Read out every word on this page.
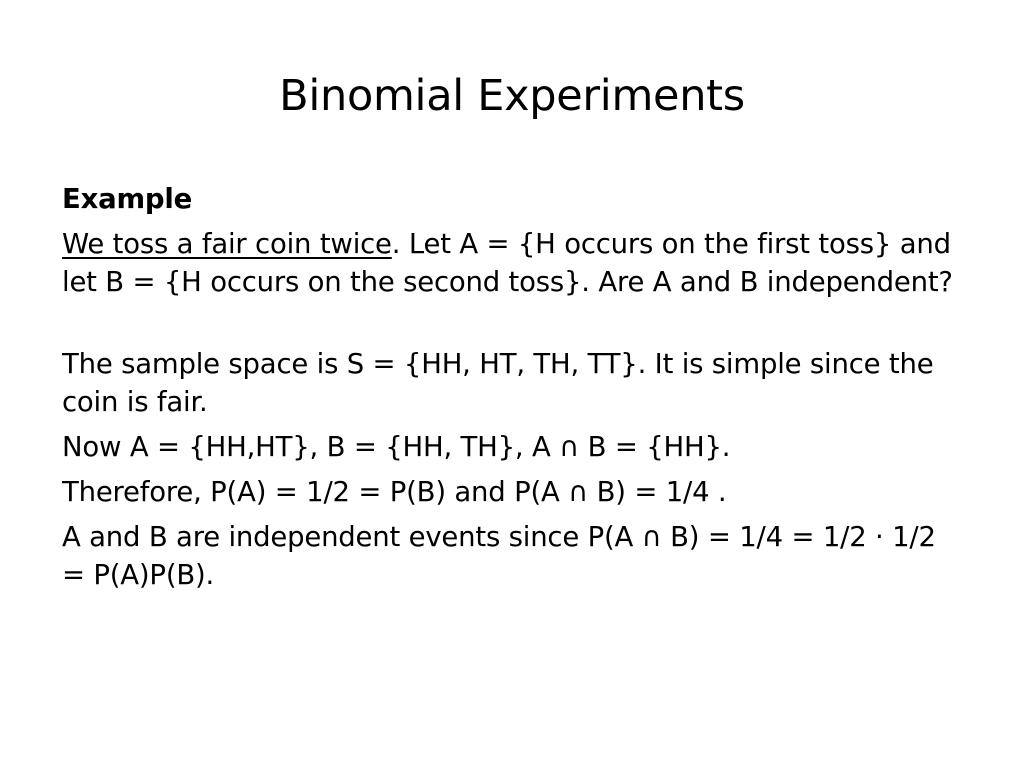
Binomial Experiments
Example

We toss a fair coin twice. Let A = {H occurs on the first toss} and let B = {H occurs on the second toss}. Are A and B independent?

The sample space is S = {HH, HT, TH, TT}. It is simple since the coin is fair.

Now A = {HH,HT}, B = {HH, TH}, A ∩ B = {HH}.

Therefore, P(A) = 1/2 = P(B) and P(A ∩ B) = 1/4 .

A and B are independent events since P(A ∩ B) = 1/4 = 1/2 · 1/2 = P(A)P(B).
